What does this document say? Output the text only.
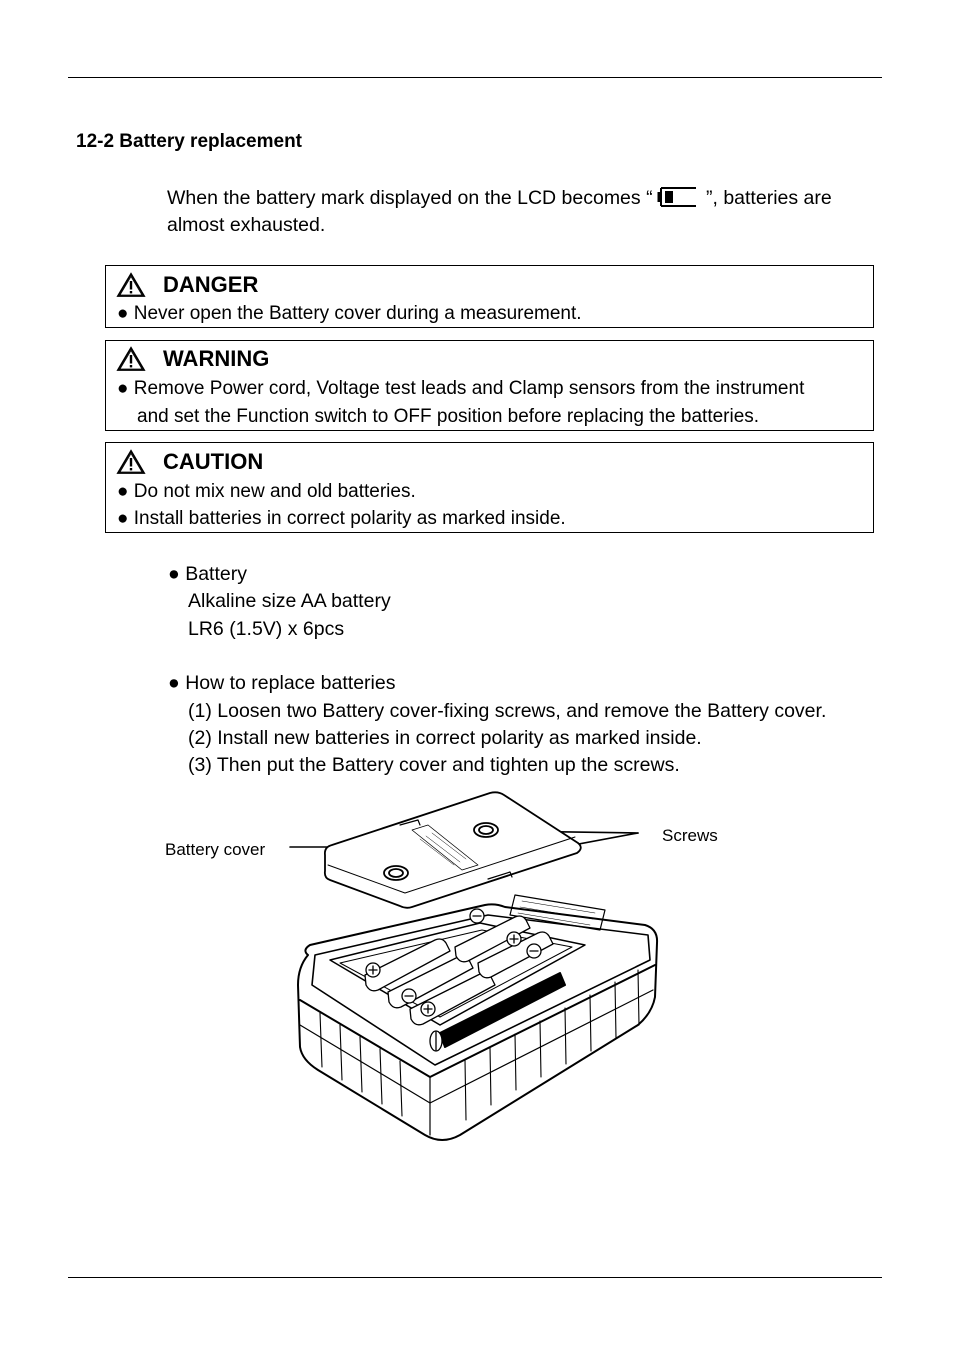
12-2 Battery replacement
When the battery mark displayed on the LCD becomes “ ”, batteries are
almost exhausted.
DANGER
● Never open the Battery cover during a measurement.
WARNING
● Remove Power cord, Voltage test leads and Clamp sensors from the instrument
and set the Function switch to OFF position before replacing the batteries.
CAUTION
● Do not mix new and old batteries.
● Install batteries in correct polarity as marked inside.
● Battery
Alkaline size AA battery
LR6 (1.5V) x 6pcs
● How to replace batteries
(1) Loosen two Battery cover-fixing screws, and remove the Battery cover.
(2) Install new batteries in correct polarity as marked inside.
(3) Then put the Battery cover and tighten up the screws.
Battery cover
Screws
